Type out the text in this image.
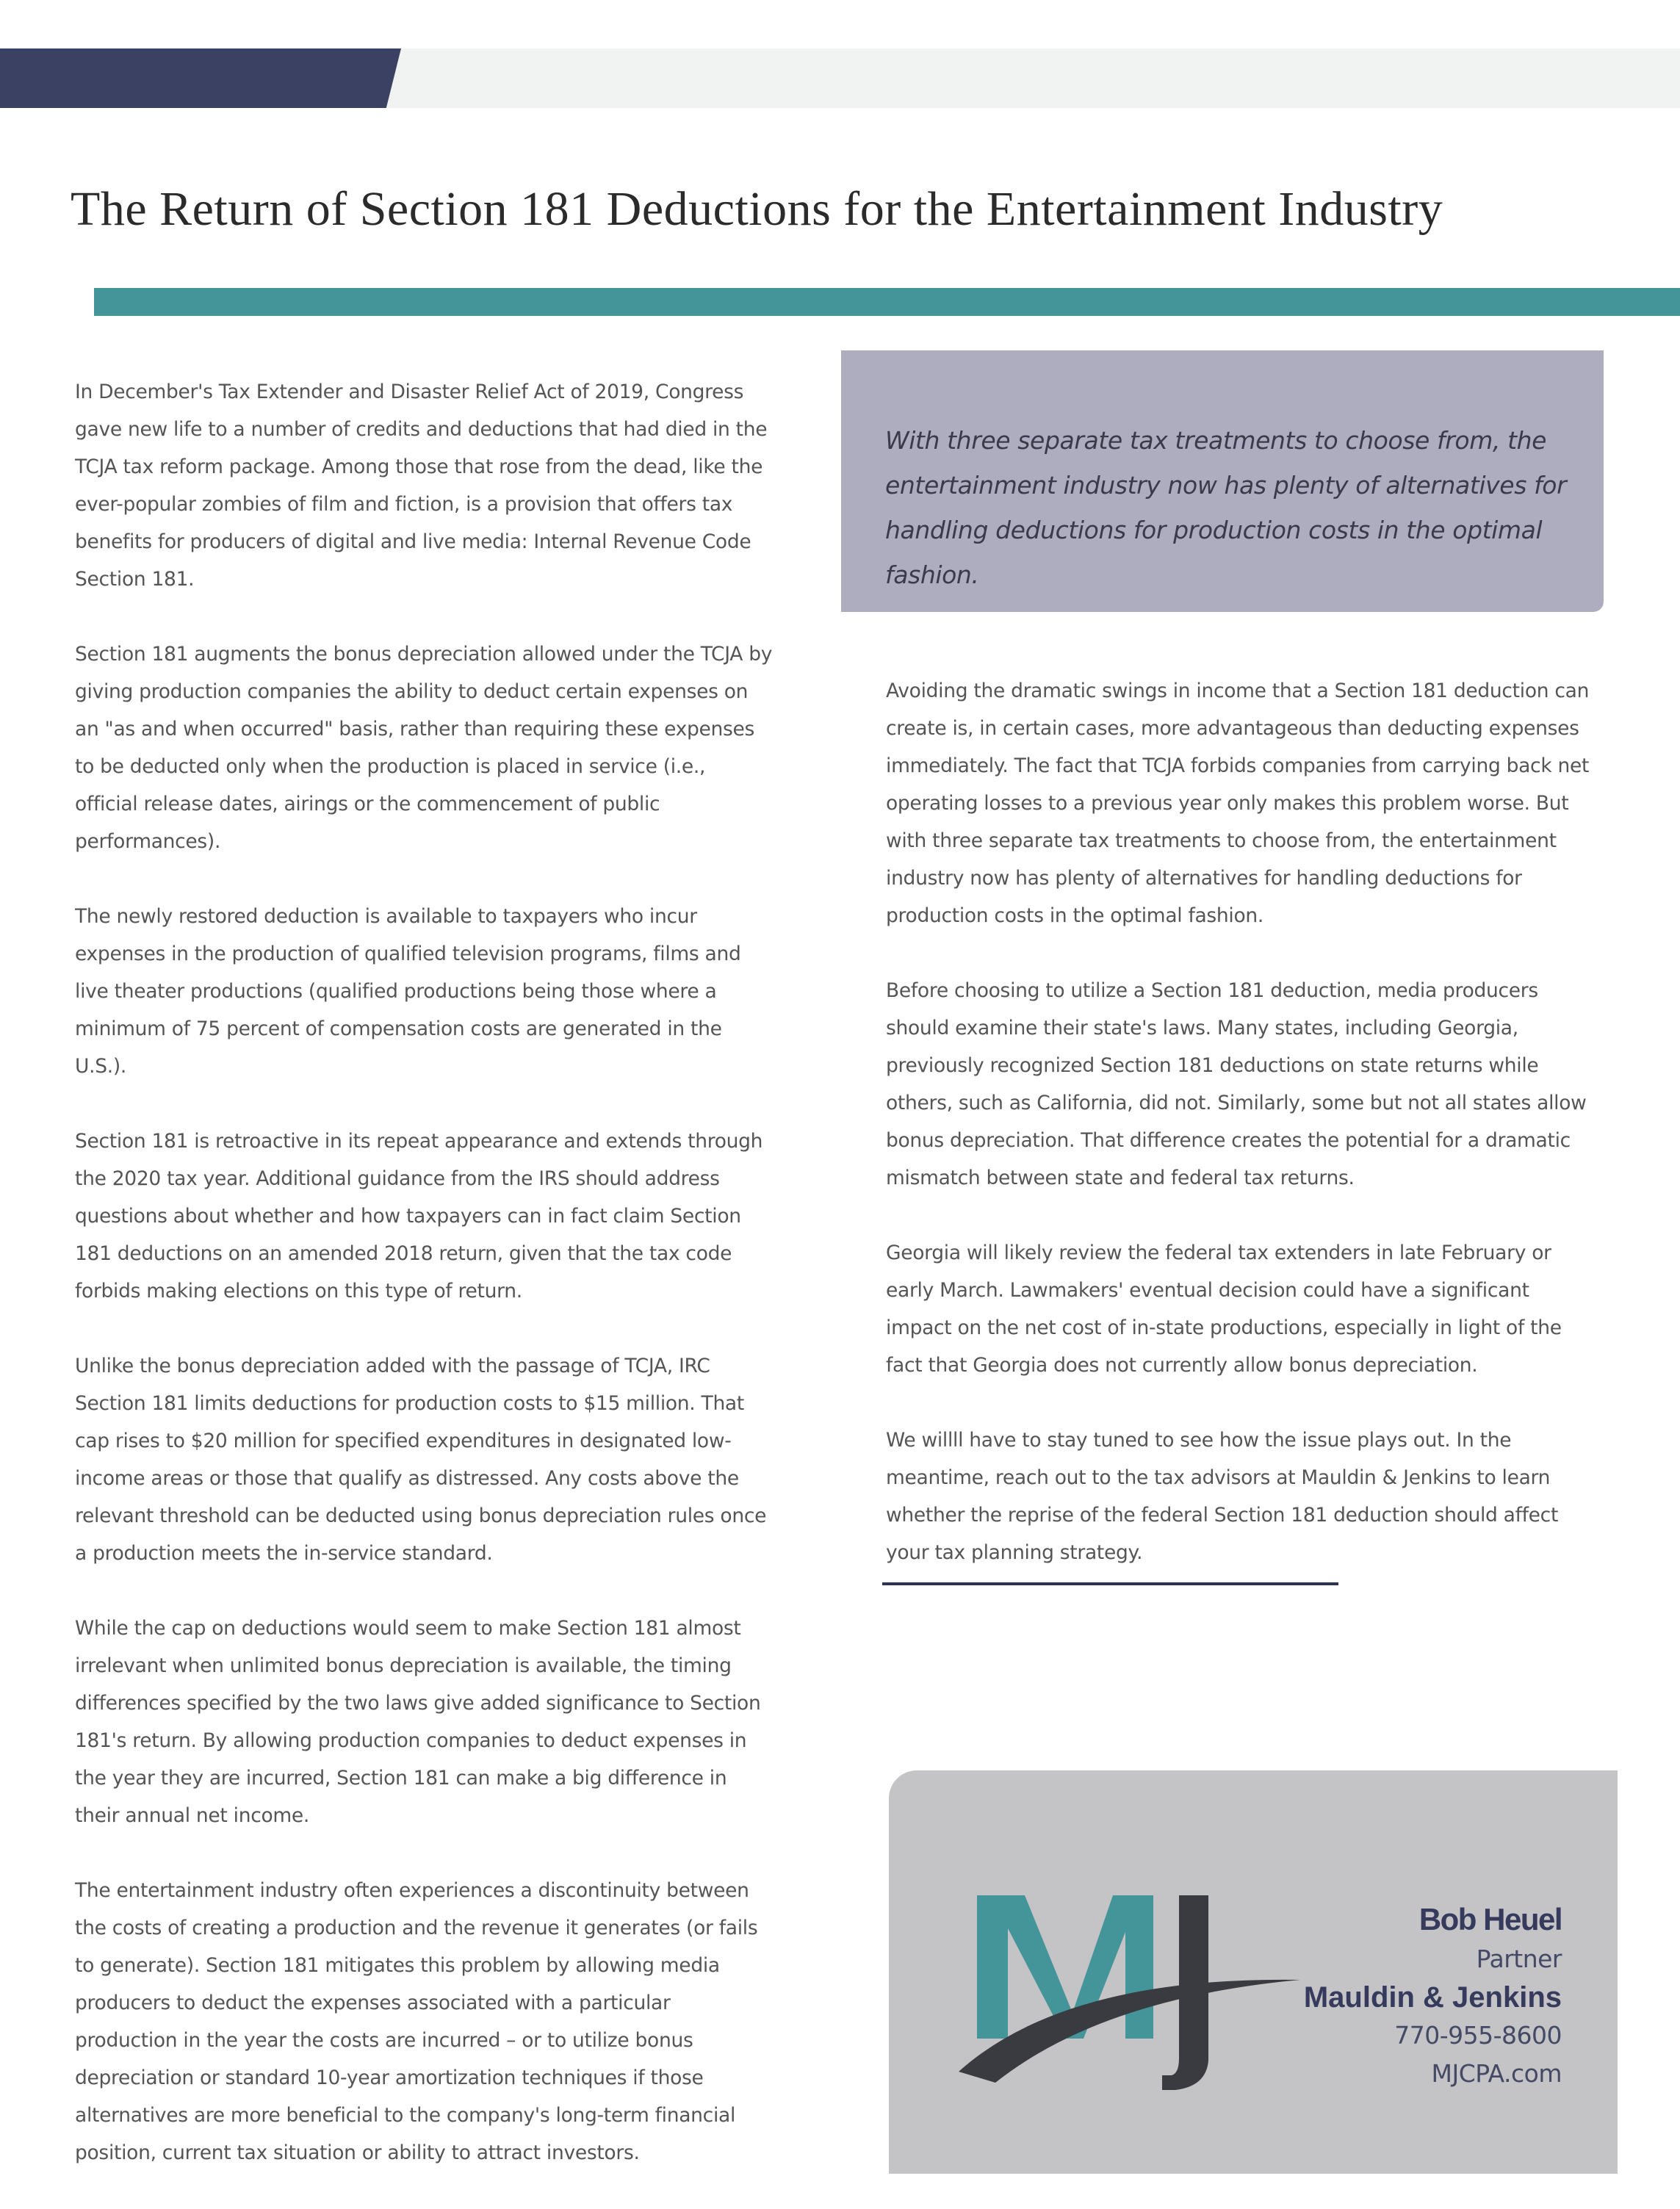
The Return of Section 181 Deductions for the Entertainment Industry

In December's Tax Extender and Disaster Relief Act of 2019, Congress gave new life to a number of credits and deductions that had died in the TCJA tax reform package. Among those that rose from the dead, like the ever-popular zombies of film and fiction, is a provision that offers tax benefits for producers of digital and live media: Internal Revenue Code Section 181.

Section 181 augments the bonus depreciation allowed under the TCJA by giving production companies the ability to deduct certain expenses on an "as and when occurred" basis, rather than requiring these expenses to be deducted only when the production is placed in service (i.e., official release dates, airings or the commencement of public performances).

The newly restored deduction is available to taxpayers who incur expenses in the production of qualified television programs, films and live theater productions (qualified productions being those where a minimum of 75 percent of compensation costs are generated in the U.S.).

Section 181 is retroactive in its repeat appearance and extends through the 2020 tax year. Additional guidance from the IRS should address questions about whether and how taxpayers can in fact claim Section 181 deductions on an amended 2018 return, given that the tax code forbids making elections on this type of return.

Unlike the bonus depreciation added with the passage of TCJA, IRC Section 181 limits deductions for production costs to $15 million. That cap rises to $20 million for specified expenditures in designated low-income areas or those that qualify as distressed. Any costs above the relevant threshold can be deducted using bonus depreciation rules once a production meets the in-service standard.

While the cap on deductions would seem to make Section 181 almost irrelevant when unlimited bonus depreciation is available, the timing differences specified by the two laws give added significance to Section 181's return. By allowing production companies to deduct expenses in the year they are incurred, Section 181 can make a big difference in their annual net income.

The entertainment industry often experiences a discontinuity between the costs of creating a production and the revenue it generates (or fails to generate). Section 181 mitigates this problem by allowing media producers to deduct the expenses associated with a particular production in the year the costs are incurred – or to utilize bonus depreciation or standard 10-year amortization techniques if those alternatives are more beneficial to the company's long-term financial position, current tax situation or ability to attract investors.

With three separate tax treatments to choose from, the entertainment industry now has plenty of alternatives for handling deductions for production costs in the optimal fashion.

Avoiding the dramatic swings in income that a Section 181 deduction can create is, in certain cases, more advantageous than deducting expenses immediately. The fact that TCJA forbids companies from carrying back net operating losses to a previous year only makes this problem worse. But with three separate tax treatments to choose from, the entertainment industry now has plenty of alternatives for handling deductions for production costs in the optimal fashion.

Before choosing to utilize a Section 181 deduction, media producers should examine their state's laws. Many states, including Georgia, previously recognized Section 181 deductions on state returns while others, such as California, did not. Similarly, some but not all states allow bonus depreciation. That difference creates the potential for a dramatic mismatch between state and federal tax returns.

Georgia will likely review the federal tax extenders in late February or early March. Lawmakers' eventual decision could have a significant impact on the net cost of in-state productions, especially in light of the fact that Georgia does not currently allow bonus depreciation.

We willll have to stay tuned to see how the issue plays out. In the meantime, reach out to the tax advisors at Mauldin & Jenkins to learn whether the reprise of the federal Section 181 deduction should affect your tax planning strategy.

Bob Heuel
Partner
Mauldin & Jenkins
770-955-8600
MJCPA.com
